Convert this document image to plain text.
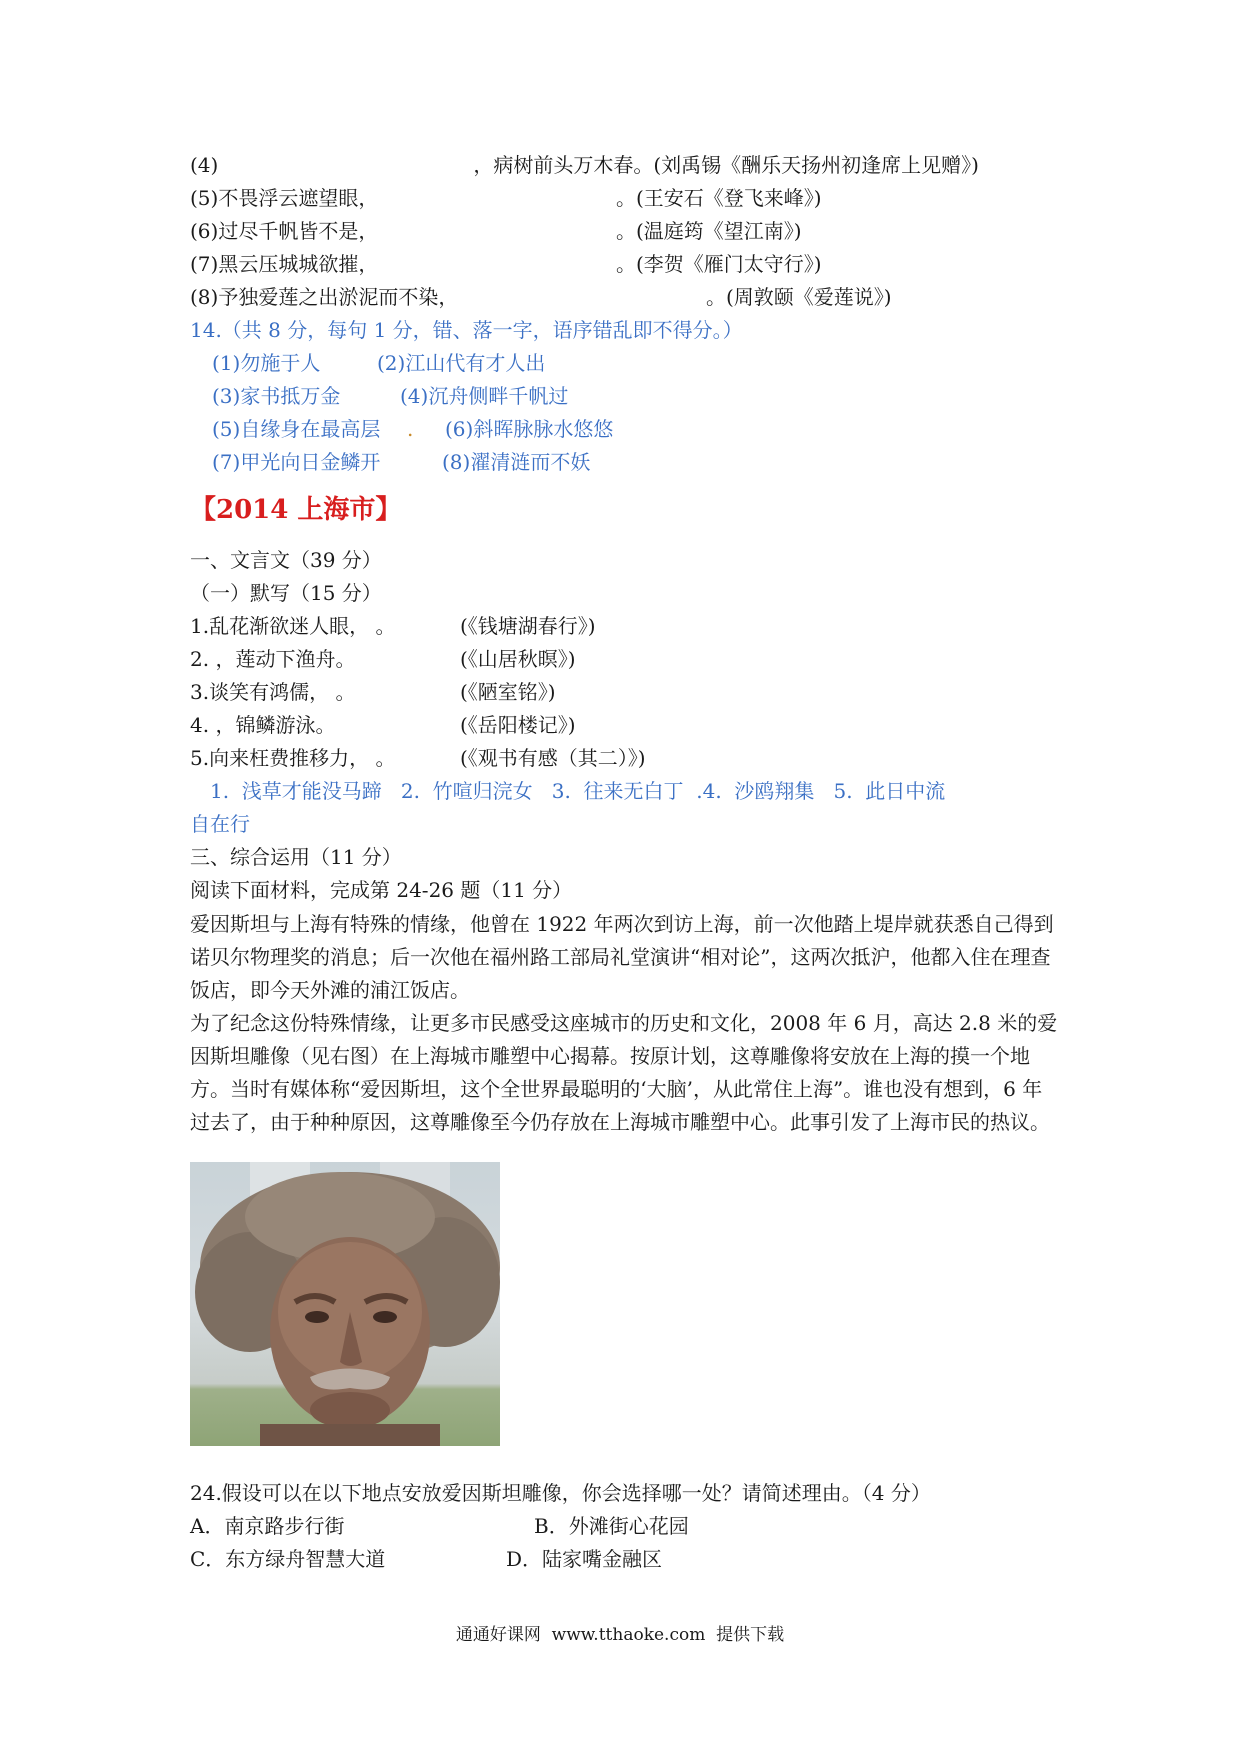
(4)	，病树前头万木春。(刘禹锡《酬乐天扬州初逢席上见赠》)
(5)不畏浮云遮望眼，	。(王安石《登飞来峰》)
(6)过尽千帆皆不是，	。(温庭筠《望江南》)
(7)黑云压城城欲摧，	。(李贺《雁门太守行》)
(8)予独爱莲之出淤泥而不染，	。(周敦颐《爱莲说》)
14.（共 8 分，每句 1 分，错、落一字，语序错乱即不得分。）
(1)勿施于人	(2)江山代有才人出
(3)家书抵万金	(4)沉舟侧畔千帆过
(5)自缘身在最高层 . (6)斜晖脉脉水悠悠
(7)甲光向日金鳞开	(8)濯清涟而不妖
【2014 上海市】
一、文言文（39 分）
（一）默写（15 分）
1.乱花渐欲迷人眼， 。	(《钱塘湖春行》)
2. ，莲动下渔舟。	(《山居秋暝》)
3.谈笑有鸿儒， 。	(《陋室铭》)
4. ，锦鳞游泳。	(《岳阳楼记》)
5.向来枉费推移力， 。	(《观书有感（其二）》)
1.  浅草才能没马蹄   2.  竹喧归浣女   3.  往来无白丁  .4.  沙鸥翔集   5.  此日中流
自在行
三、综合运用（11 分）
阅读下面材料，完成第 24-26 题（11 分）
爱因斯坦与上海有特殊的情缘，他曾在 1922 年两次到访上海，前一次他踏上堤岸就获悉自己得到诺贝尔物理奖的消息；后一次他在福州路工部局礼堂演讲“相对论”，这两次抵沪，他都入住在理查饭店，即今天外滩的浦江饭店。
为了纪念这份特殊情缘，让更多市民感受这座城市的历史和文化，2008 年 6 月，高达 2.8 米的爱因斯坦雕像（见右图）在上海城市雕塑中心揭幕。按原计划，这尊雕像将安放在上海的摸一个地方。当时有媒体称“爱因斯坦，这个全世界最聪明的‘大脑’，从此常住上海”。谁也没有想到，6 年过去了，由于种种原因，这尊雕像至今仍存放在上海城市雕塑中心。此事引发了上海市民的热议。
24.假设可以在以下地点安放爱因斯坦雕像，你会选择哪一处？请简述理由。（4 分）
A．南京路步行街	B．外滩街心花园
C．东方绿舟智慧大道	D．陆家嘴金融区
通通好课网  www.tthaoke.com  提供下载
